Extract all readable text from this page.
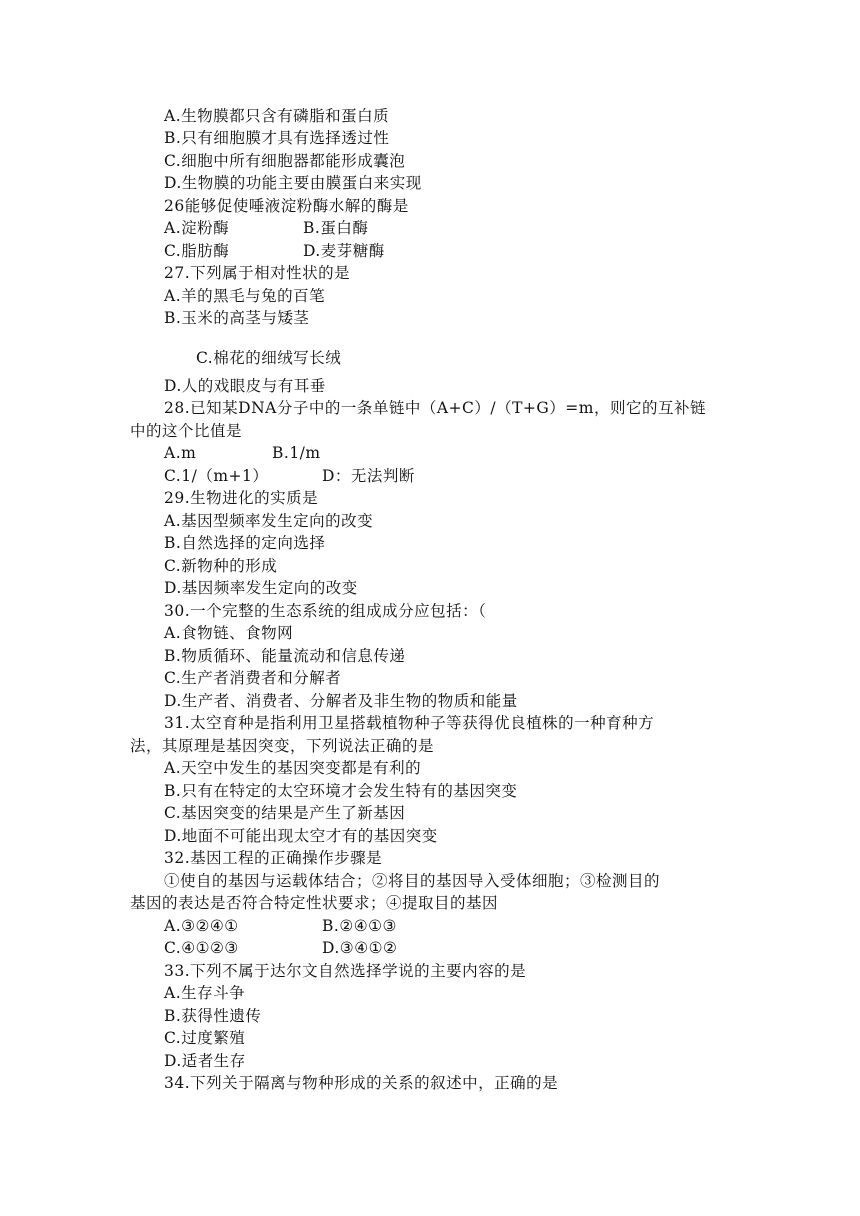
A.生物膜都只含有磷脂和蛋白质
B.只有细胞膜才具有选择透过性
C.细胞中所有细胞器都能形成囊泡
D.生物膜的功能主要由膜蛋白来实现
26能够促使唾液淀粉酶水解的酶是
A.淀粉酶	B.蛋白酶
C.脂肪酶	D.麦芽糖酶
27.下列属于相对性状的是
A.羊的黑毛与兔的百笔
B.玉米的高茎与矮茎
C.棉花的细绒写长绒
D.人的戏眼皮与有耳垂
28.已知某DNA分子中的一条单链中（A+C）/（T+G）=m，则它的互补链
中的这个比值是
A.m	B.1/m
C.1/（m+1）	D：无法判断
29.生物进化的实质是
A.基因型频率发生定向的改变
B.自然选择的定向选择
C.新物种的形成
D.基因频率发生定向的改变
30.一个完整的生态系统的组成成分应包括：（
A.食物链、食物网
B.物质循环、能量流动和信息传递
C.生产者消费者和分解者
D.生产者、消费者、分解者及非生物的物质和能量
31.太空育种是指利用卫星搭载植物种子等获得优良植株的一种育种方
法，其原理是基因突变，下列说法正确的是
A.天空中发生的基因突变都是有利的
B.只有在特定的太空环境才会发生特有的基因突变
C.基因突变的结果是产生了新基因
D.地面不可能出现太空才有的基因突变
32.基因工程的正确操作步骤是
①使自的基因与运载体结合；②将目的基因导入受体细胞；③检测目的
基因的表达是否符合特定性状要求；④提取目的基因
A.③②④①	B.②④①③
C.④①②③	D.③④①②
33.下列不属于达尔文自然选择学说的主要内容的是
A.生存斗争
B.获得性遗传
C.过度繁殖
D.适者生存
34.下列关于隔离与物种形成的关系的叙述中，正确的是
